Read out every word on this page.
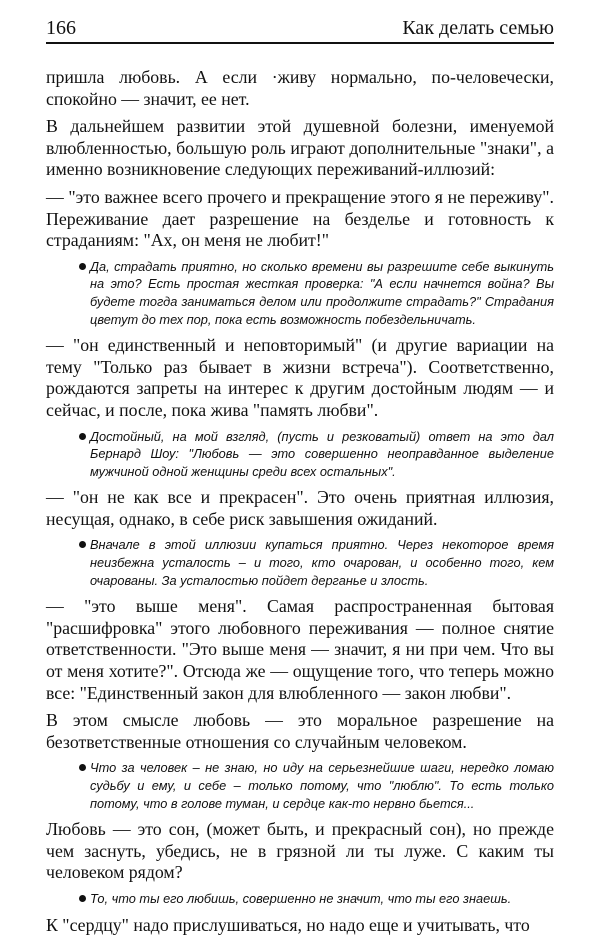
166	Как делать семью

пришла любовь. А если ·живу нормально, по-человечески, спокойно — значит, ее нет.

В дальнейшем развитии этой душевной болезни, именуемой влюбленностью, большую роль играют дополнительные "знаки", а именно возникновение следующих переживаний-иллюзий:

— "это важнее всего прочего и прекращение этого я не переживу". Переживание дает разрешение на безделье и готовность к страданиям: "Ах, он меня не любит!"

Да, страдать приятно, но сколько времени вы разрешите себе выкинуть на это? Есть простая жесткая проверка: "А если начнется война? Вы будете тогда заниматься делом или продолжите страдать?" Страдания цветут до тех пор, пока есть возможность побездельничать.

— "он единственный и неповторимый" (и другие вариации на тему "Только раз бывает в жизни встреча"). Соответственно, рождаются запреты на интерес к другим достойным людям — и сейчас, и после, пока жива "память любви".

Достойный, на мой взгляд, (пусть и резковатый) ответ на это дал Бернард Шоу: "Любовь — это совершенно неоправданное выделение мужчиной одной женщины среди всех остальных".

— "он не как все и прекрасен". Это очень приятная иллюзия, несущая, однако, в себе риск завышения ожиданий.

Вначале в этой иллюзии купаться приятно. Через некоторое время неизбежна усталость – и того, кто очарован, и особенно того, кем очарованы. За усталостью пойдет дерганье и злость.

— "это выше меня". Самая распространенная бытовая "расшифровка" этого любовного переживания — полное снятие ответственности. "Это выше меня — значит, я ни при чем. Что вы от меня хотите?". Отсюда же — ощущение того, что теперь можно все: "Единственный закон для влюбленного — закон любви".

В этом смысле любовь — это моральное разрешение на безответственные отношения со случайным человеком.

Что за человек – не знаю, но иду на серьезнейшие шаги, нередко ломаю судьбу и ему, и себе – только потому, что "люблю". То есть только потому, что в голове туман, и сердце как-то нервно бьется...

Любовь — это сон, (может быть, и прекрасный сон), но прежде чем заснуть, убедись, не в грязной ли ты луже. С каким ты человеком рядом?

То, что ты его любишь, совершенно не значит, что ты его знаешь.

К "сердцу" надо прислушиваться, но надо еще и учитывать, что
